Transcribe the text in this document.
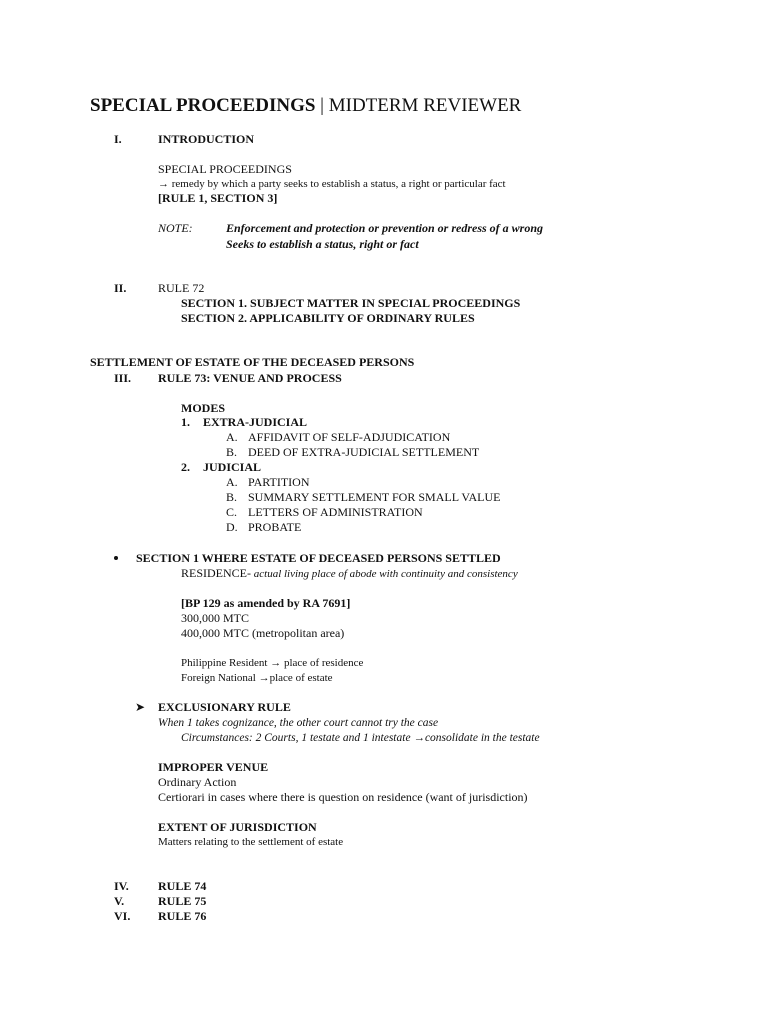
SPECIAL PROCEEDINGS | MIDTERM REVIEWER
I.	INTRODUCTION
SPECIAL PROCEEDINGS
→ remedy by which a party seeks to establish a status, a right or particular fact
[RULE 1, SECTION 3]
NOTE:	Enforcement and protection or prevention or redress of a wrong
Seeks to establish a status, right or fact
II.	RULE 72
SECTION 1. SUBJECT MATTER IN SPECIAL PROCEEDINGS
SECTION 2. APPLICABILITY OF ORDINARY RULES
SETTLEMENT OF ESTATE OF THE DECEASED PERSONS
III. RULE 73: VENUE AND PROCESS
MODES
1. EXTRA-JUDICIAL
A. AFFIDAVIT OF SELF-ADJUDICATION
B. DEED OF EXTRA-JUDICIAL SETTLEMENT
2. JUDICIAL
A. PARTITION
B. SUMMARY SETTLEMENT FOR SMALL VALUE
C. LETTERS OF ADMINISTRATION
D. PROBATE
SECTION 1 WHERE ESTATE OF DECEASED PERSONS SETTLED
RESIDENCE- actual living place of abode with continuity and consistency
[BP 129 as amended by RA 7691]
300,000 MTC
400,000 MTC (metropolitan area)
Philippine Resident → place of residence
Foreign National →place of estate
➤ EXCLUSIONARY RULE
When 1 takes cognizance, the other court cannot try the case
Circumstances: 2 Courts, 1 testate and 1 intestate →consolidate in the testate
IMPROPER VENUE
Ordinary Action
Certiorari in cases where there is question on residence (want of jurisdiction)
EXTENT OF JURISDICTION
Matters relating to the settlement of estate
IV. RULE 74
V.	RULE 75
VI. RULE 76
